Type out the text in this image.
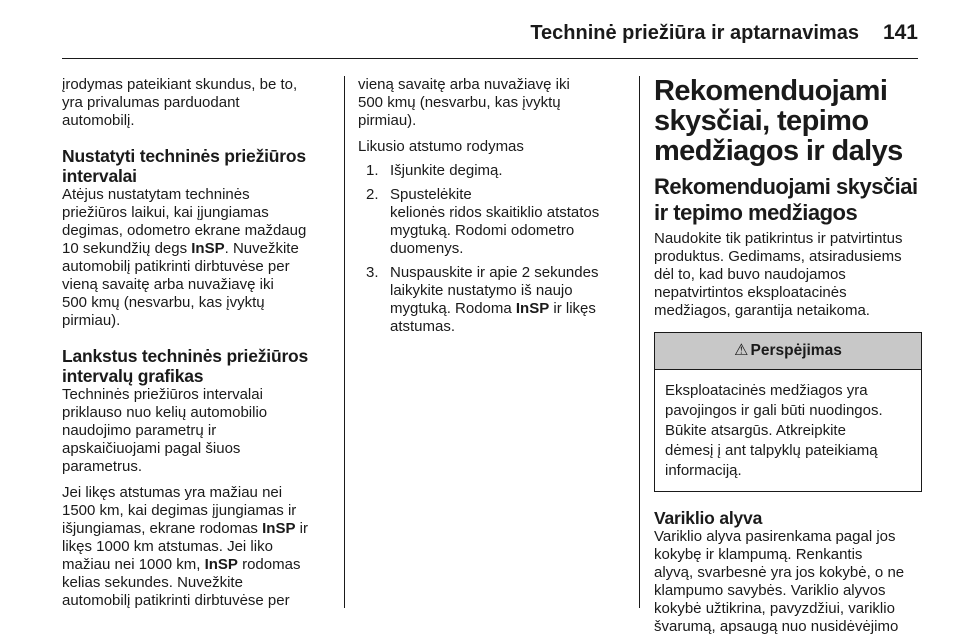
Techninė priežiūra ir aptarnavimas 141

įrodymas pateikiant skundus, be to,
yra privalumas parduodant
automobilį.

Nustatyti techninės priežiūros
intervalai

Atėjus nustatytam techninės
priežiūros laikui, kai įjungiamas
degimas, odometro ekrane maždaug
10 sekundžių degs InSP. Nuvežkite
automobilį patikrinti dirbtuvėse per
vieną savaitę arba nuvažiavę iki
500 kmų (nesvarbu, kas įvyktų
pirmiau).

Lankstus techninės priežiūros
intervalų grafikas

Techninės priežiūros intervalai
priklauso nuo kelių automobilio
naudojimo parametrų ir
apskaičiuojami pagal šiuos
parametrus.

Jei likęs atstumas yra mažiau nei
1500 km, kai degimas įjungiamas ir
išjungiamas, ekrane rodomas InSP ir
likęs 1000 km atstumas. Jei liko
mažiau nei 1000 km, InSP rodomas
kelias sekundes. Nuvežkite
automobilį patikrinti dirbtuvėse per

vieną savaitę arba nuvažiavę iki
500 kmų (nesvarbu, kas įvyktų
pirmiau).

Likusio atstumo rodymas

1. Išjunkite degimą.
2. Spustelėkite
kelionės ridos skaitiklio atstatos
mygtuką. Rodomi odometro
duomenys.
3. Nuspauskite ir apie 2 sekundes
laikykite nustatymo iš naujo
mygtuką. Rodoma InSP ir likęs
atstumas.
Rekomenduojami
skysčiai, tepimo
medžiagos ir dalys
Rekomenduojami skysčiai
ir tepimo medžiagos

Naudokite tik patikrintus ir patvirtintus
produktus. Gedimams, atsiradusiems
dėl to, kad buvo naudojamos
nepatvirtintos eksploatacinės
medžiagos, garantija netaikoma.

⚠ Perspėjimas
Eksploatacinės medžiagos yra
pavojingos ir gali būti nuodingos.
Būkite atsargūs. Atkreipkite
dėmesį į ant talpyklų pateikiamą
informaciją.
Variklio alyva

Variklio alyva pasirenkama pagal jos
kokybę ir klampumą. Renkantis
alyvą, svarbesnė yra jos kokybė, o ne
klampumo savybės. Variklio alyvos
kokybė užtikrina, pavyzdžiui, variklio
švarumą, apsaugą nuo nusidėvėjimo
